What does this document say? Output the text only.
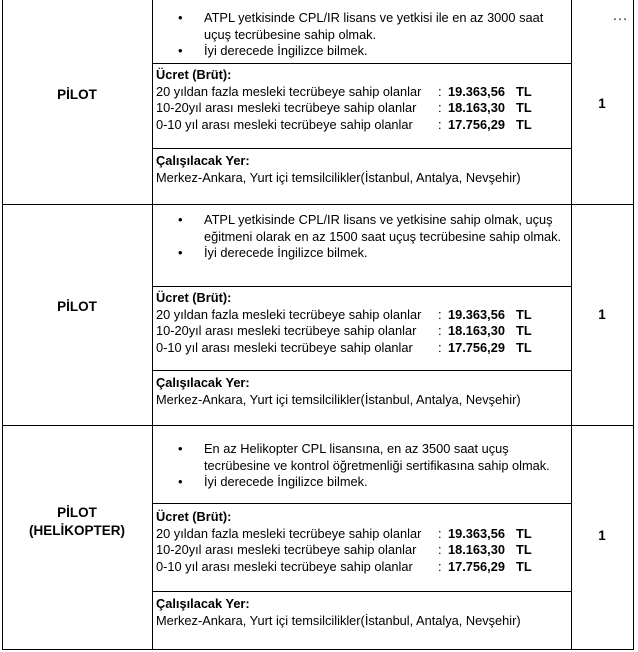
…
PİLOT
• ATPL yetkisinde CPL/IR lisans ve yetkisi ile en az 3000 saat uçuş tecrübesine sahip olmak.
• İyi derecede İngilizce bilmek.
Ücret (Brüt):
20 yıldan fazla mesleki tecrübeye sahip olanlar	: 19.363,56 TL
10-20yıl arası mesleki tecrübeye sahip olanlar	: 18.163,30 TL
0-10 yıl arası mesleki tecrübeye sahip olanlar	: 17.756,29 TL
Çalışılacak Yer:
Merkez-Ankara, Yurt içi temsilcilikler(İstanbul, Antalya, Nevşehir)
1
PİLOT
• ATPL yetkisinde CPL/IR lisans ve yetkisine sahip olmak, uçuş eğitmeni olarak en az 1500 saat uçuş tecrübesine sahip olmak.
• İyi derecede İngilizce bilmek.
Ücret (Brüt):
20 yıldan fazla mesleki tecrübeye sahip olanlar	: 19.363,56 TL
10-20yıl arası mesleki tecrübeye sahip olanlar	: 18.163,30 TL
0-10 yıl arası mesleki tecrübeye sahip olanlar	: 17.756,29 TL
Çalışılacak Yer:
Merkez-Ankara, Yurt içi temsilcilikler(İstanbul, Antalya, Nevşehir)
1
PİLOT
(HELİKOPTER)
• En az Helikopter CPL lisansına, en az 3500 saat uçuş tecrübesine ve kontrol öğretmenliği sertifikasına sahip olmak.
• İyi derecede İngilizce bilmek.
Ücret (Brüt):
20 yıldan fazla mesleki tecrübeye sahip olanlar	: 19.363,56 TL
10-20yıl arası mesleki tecrübeye sahip olanlar	: 18.163,30 TL
0-10 yıl arası mesleki tecrübeye sahip olanlar	: 17.756,29 TL
Çalışılacak Yer:
Merkez-Ankara, Yurt içi temsilcilikler(İstanbul, Antalya, Nevşehir)
1
